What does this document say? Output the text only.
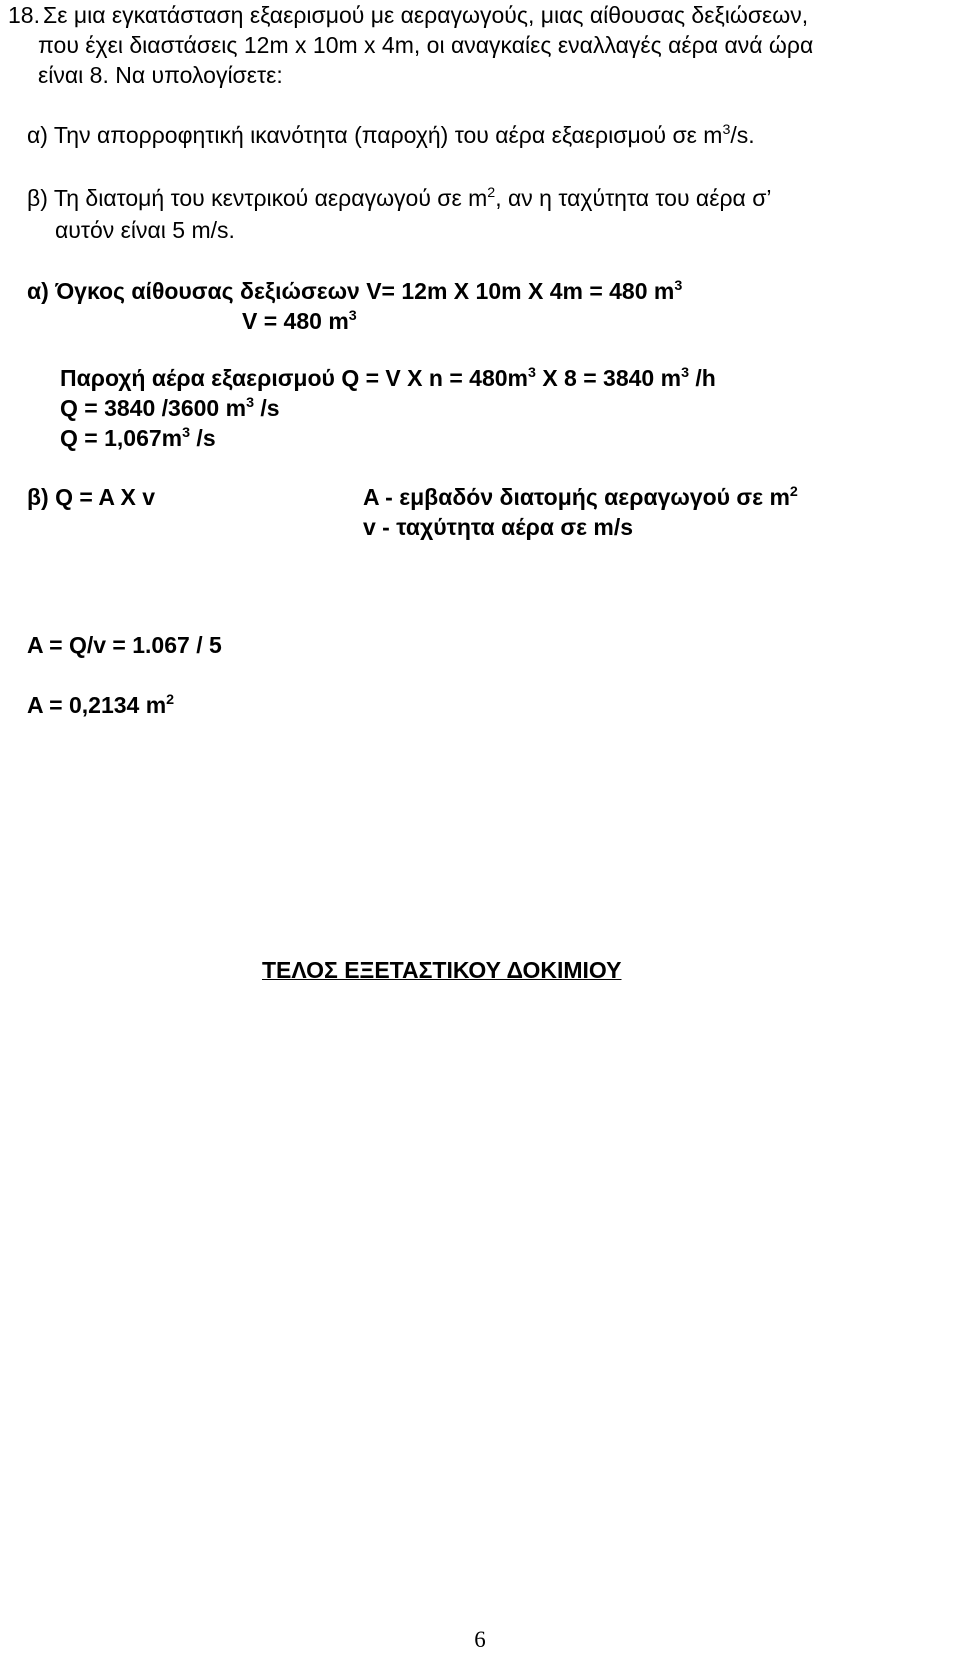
18. Σε μια εγκατάσταση εξαερισμού με αεραγωγούς, μιας αίθουσας δεξιώσεων,
που έχει διαστάσεις 12m x 10m x 4m, οι αναγκαίες εναλλαγές αέρα ανά ώρα
είναι 8. Να υπολογίσετε:
α) Την απορροφητική ικανότητα (παροχή) του αέρα εξαερισμού σε $m^3/s$.
β) Τη διατομή του κεντρικού αεραγωγού σε $m^2$, αν η ταχύτητα του αέρα σ’
αυτόν είναι 5 m/s.
α) Όγκος αίθουσας δεξιώσεων V= 12m X 10m X 4m = 480 $m^3$
V = 480 $m^3$
Παροχή αέρα εξαερισμού Q = V X $n = 480m^3$ X 8 = 3840 $m^3$ /h
Q = 3840 /3600 $m^3$ /s
$Q = 1,067m^3$ /s
β) Q = A X v	A - εμβαδόν διατομής αεραγωγού σε $m^2$
v - ταχύτητα αέρα σε m/s
A = Q/v = 1.067 / 5
A = 0,2134 $m^2$
ΤΕΛΟΣ ΕΞΕΤΑΣΤΙΚΟΥ ΔΟΚΙΜΙΟΥ
6
